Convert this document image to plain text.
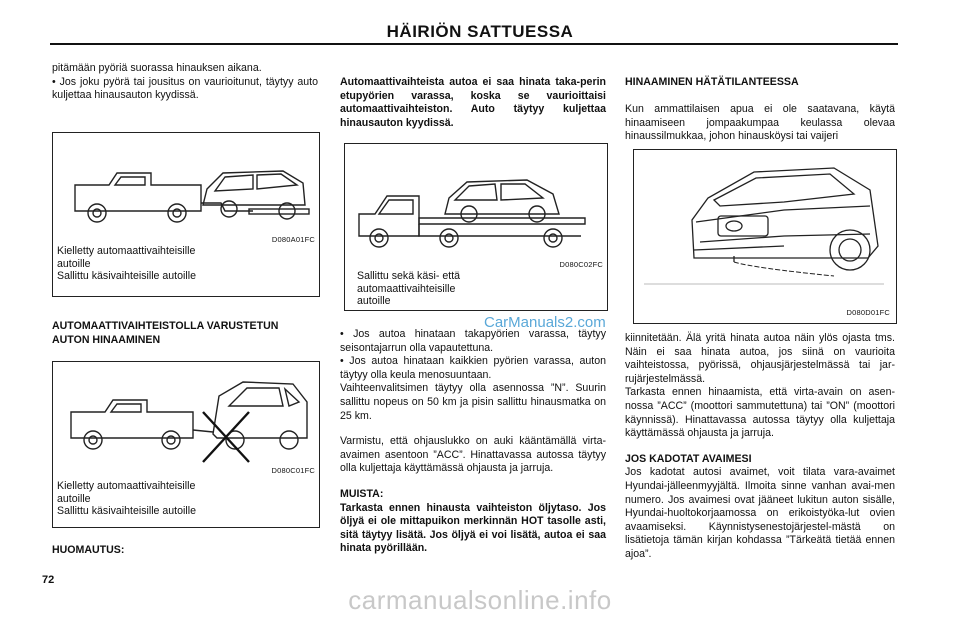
HÄIRIÖN SATTUESSA

pitämään pyöriä suorassa hinauksen aikana.

• Jos joku pyörä tai jousitus on vaurioitunut, täytyy auto kuljettaa hinausauton kyydissä.

D080A01FC

Kielletty automaattivaihteisille

autoille

Sallittu käsivaihteisille autoille

AUTOMAATTIVAIHTEISTOLLA VARUSTETUN

AUTON HINAAMINEN

D080C01FC

Kielletty automaattivaihteisille

autoille

Sallittu käsivaihteisille autoille

HUOMAUTUS:
Automaattivaihteista autoa ei saa hinata taka-perin etupyörien varassa, koska se vaurioittaisi automaattivaihteiston. Auto täytyy kuljettaa hinausauton kyydissä.
D080C02FC

Sallittu sekä käsi- että

automaattivaihteisille

autoille

• Jos autoa hinataan takapyörien varassa, täytyy seisontajarrun olla vapautettuna.

• Jos autoa hinataan kaikkien pyörien varassa, auton täytyy olla keula menosuuntaan.

Vaihteenvalitsimen täytyy olla asennossa ”N”. Suurin sallittu nopeus on 50 km ja pisin sallittu hinausmatka on 25 km.

Varmistu, että ohjauslukko on auki kääntämällä virta-avaimen asentoon ”ACC”. Hinattavassa autossa täytyy olla kuljettaja käyttämässä ohjausta ja jarruja.

MUISTA:

Tarkasta ennen hinausta vaihteiston öljytaso. Jos öljyä ei ole mittapuikon merkinnän HOT tasolle asti, sitä täytyy lisätä. Jos öljyä ei voi lisätä, autoa ei saa hinata pyörillään.

HINAAMINEN HÄTÄTILANTEESSA
Kun ammattilaisen apua ei ole saatavana, käytä hinaamiseen jompaakumpaa keulassa olevaa hinaussilmukkaa, johon hinausköysi tai vaijeri
D080D01FC

kiinnitetään. Älä yritä hinata autoa näin ylös ojasta tms. Näin ei saa hinata autoa, jos siinä on vaurioita vaihteistossa, pyörissä, ohjausjärjestelmässä tai jar-rujärjestelmässä.

Tarkasta ennen hinaamista, että virta-avain on asen-nossa ”ACC” (moottori sammutettuna) tai ”ON” (moottori käynnissä). Hinattavassa autossa täytyy olla kuljettaja käyttämässä ohjausta ja jarruja.

JOS KADOTAT AVAIMESI

Jos kadotat autosi avaimet, voit tilata vara-avaimet Hyundai-jälleenmyyjältä. Ilmoita sinne vanhan avai-men numero. Jos avaimesi ovat jääneet lukitun auton sisälle, Hyundai-huoltokorjaamossa on erikoistyöka-lut ovien avaamiseksi. Käynnistysenestojärjestel-mästä on lisätietoja tämän kirjan kohdassa ”Tärkeätä tietää ennen ajoa”.

CarManuals2.com
72
carmanualsonline.info
